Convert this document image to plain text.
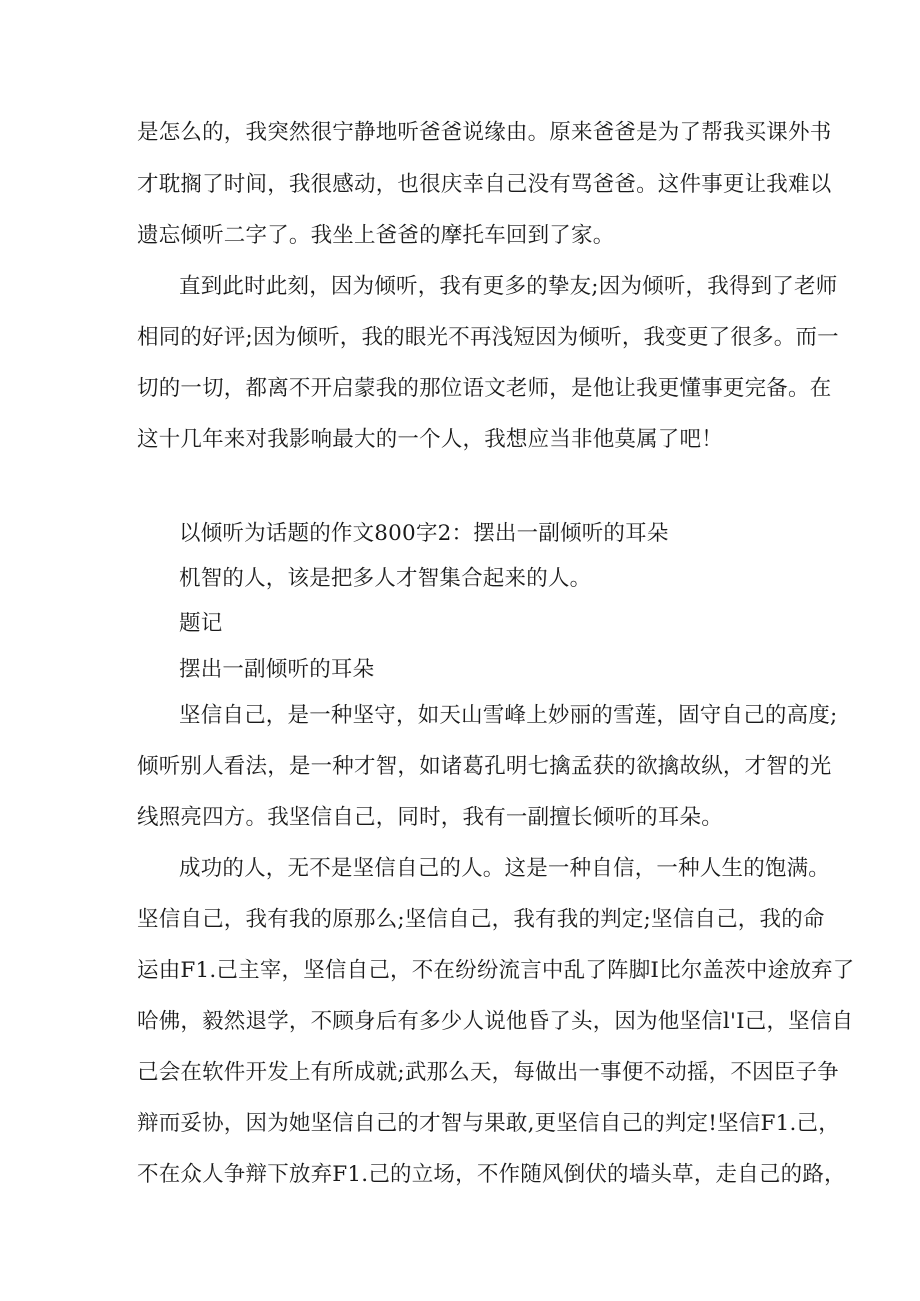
是怎么的，我突然很宁静地听爸爸说缘由。原来爸爸是为了帮我买课外书
才耽搁了时间，我很感动，也很庆幸自己没有骂爸爸。这件事更让我难以
遗忘倾听二字了。我坐上爸爸的摩托车回到了家。
直到此时此刻，因为倾听，我有更多的挚友;因为倾听，我得到了老师
相同的好评;因为倾听，我的眼光不再浅短因为倾听，我变更了很多。而一
切的一切，都离不开启蒙我的那位语文老师，是他让我更懂事更完备。在
这十几年来对我影响最大的一个人，我想应当非他莫属了吧！
以倾听为话题的作文800字2：摆出一副倾听的耳朵
机智的人，该是把多人才智集合起来的人。
题记
摆出一副倾听的耳朵
坚信自己，是一种坚守，如天山雪峰上妙丽的雪莲，固守自己的高度;
倾听别人看法，是一种才智，如诸葛孔明七擒孟获的欲擒故纵，才智的光
线照亮四方。我坚信自己，同时，我有一副擅长倾听的耳朵。
成功的人，无不是坚信自己的人。这是一种自信，一种人生的饱满。
坚信自己，我有我的原那么;坚信自己，我有我的判定;坚信自己，我的命
运由F1.己主宰，坚信自己，不在纷纷流言中乱了阵脚I比尔盖茨中途放弃了
哈佛，毅然退学，不顾身后有多少人说他昏了头，因为他坚信l'I己，坚信自
己会在软件开发上有所成就;武那么天，每做出一事便不动摇，不因臣子争
辩而妥协，因为她坚信自己的才智与果敢,更坚信自己的判定!坚信F1.己，
不在众人争辩下放弃F1.己的立场，不作随风倒伏的墙头草，走自己的路，
